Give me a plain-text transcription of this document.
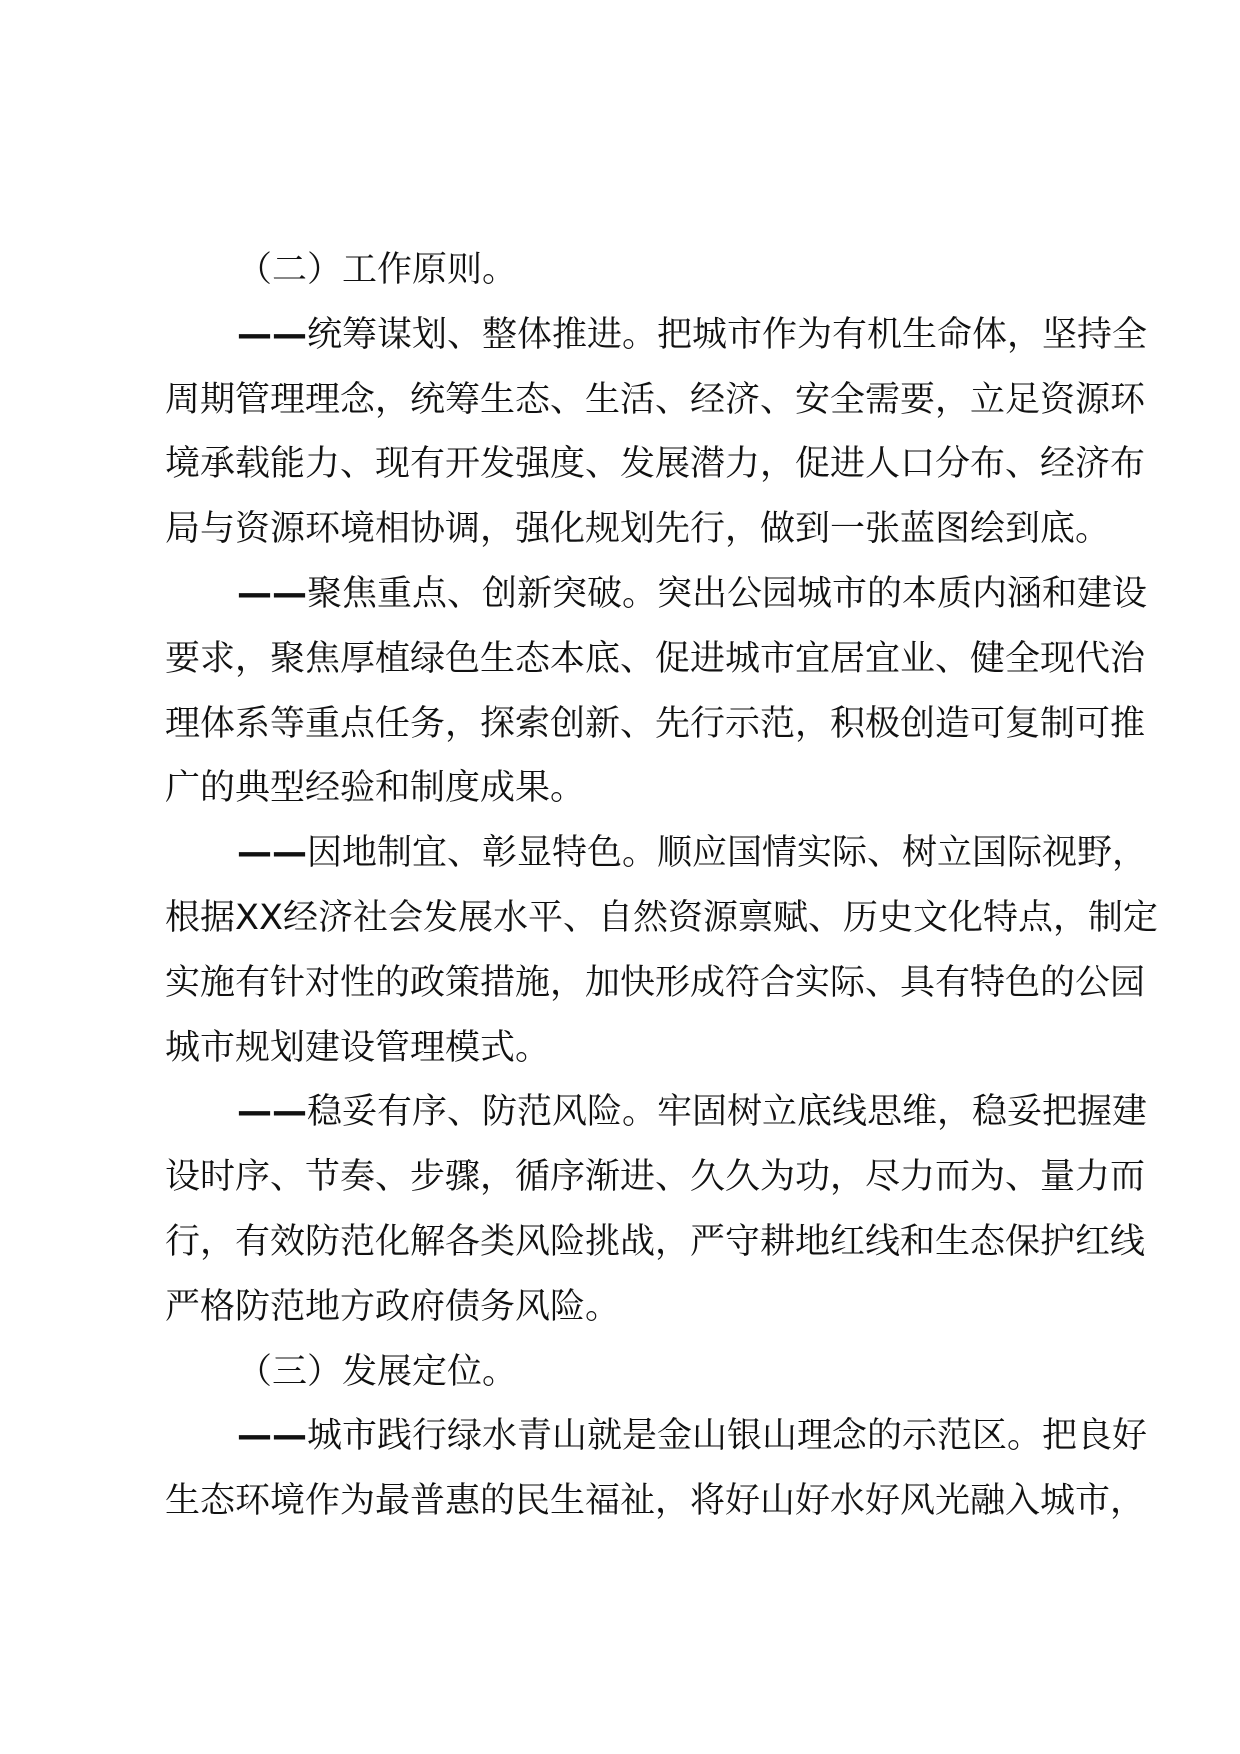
（二）工作原则。
——统筹谋划、整体推进。把城市作为有机生命体，坚持全
周期管理理念，统筹生态、生活、经济、安全需要，立足资源环
境承载能力、现有开发强度、发展潜力，促进人口分布、经济布
局与资源环境相协调，强化规划先行，做到一张蓝图绘到底。
——聚焦重点、创新突破。突出公园城市的本质内涵和建设
要求，聚焦厚植绿色生态本底、促进城市宜居宜业、健全现代治
理体系等重点任务，探索创新、先行示范，积极创造可复制可推
广的典型经验和制度成果。
——因地制宜、彰显特色。顺应国情实际、树立国际视野，
根据XX经济社会发展水平、自然资源禀赋、历史文化特点，制定
实施有针对性的政策措施，加快形成符合实际、具有特色的公园
城市规划建设管理模式。
——稳妥有序、防范风险。牢固树立底线思维，稳妥把握建
设时序、节奏、步骤，循序渐进、久久为功，尽力而为、量力而
行，有效防范化解各类风险挑战，严守耕地红线和生态保护红线
严格防范地方政府债务风险。
（三）发展定位。
——城市践行绿水青山就是金山银山理念的示范区。把良好
生态环境作为最普惠的民生福祉，将好山好水好风光融入城市，
